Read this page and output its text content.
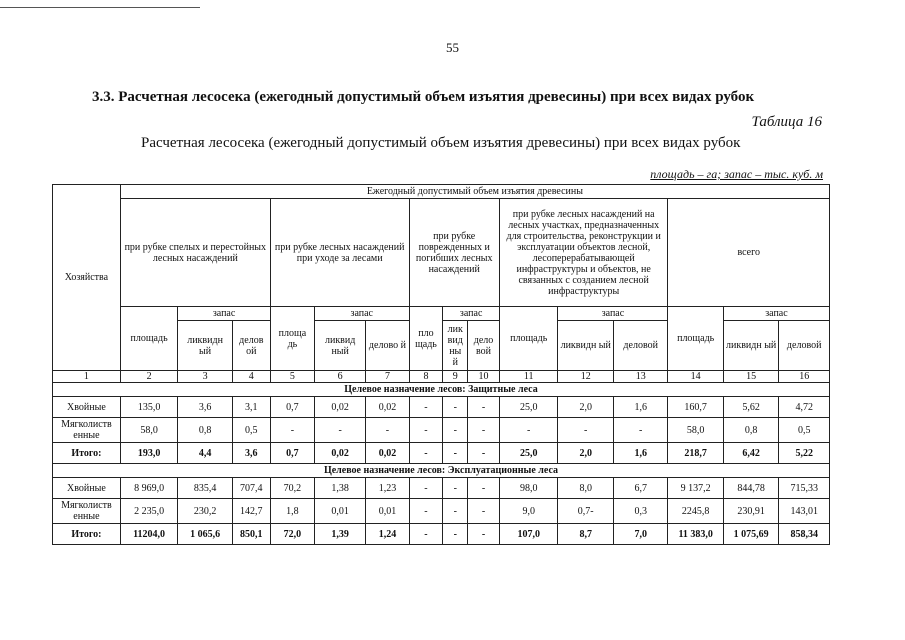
55
3.3. Расчетная лесосека (ежегодный допустимый объем изъятия древесины) при всех видах рубок
Таблица 16
Расчетная лесосека (ежегодный допустимый объем изъятия древесины) при всех видах рубок
площадь – га; запас – тыс. куб. м
Хозяйства	Ежегодный допустимый объем изъятия древесины														
	при рубке спелых и перестойных лесных насаждений			при рубке лесных насаждений при уходе за лесами			при рубке поврежденных и погибших лесных насаждений			при рубке лесных насаждений на лесных участках, предназначенных для строительства, реконструкции и эксплуатации объектов лесной, лесоперерабатывающей инфраструктуры и объектов, не связанных с созданием лесной инфраструктуры			всего		
	площадь	запас		площа дь	запас		пло щадь	запас		площадь	запас		площадь	запас	
		ликвидн ый	делов ой		ликвид ный	делово й		лик вид ны й	дело вой		ликвидн ый	деловой		ликвидн ый	деловой
1	2	3	4	5	6	7	8	9	10	11	12	13	14	15	16
Целевое назначение лесов: Защитные леса															
Хвойные	135,0	3,6	3,1	0,7	0,02	0,02	-	-	-	25,0	2,0	1,6	160,7	5,62	4,72
Мягколиств енные	58,0	0,8	0,5	-	-	-	-	-	-	-	-	-	58,0	0,8	0,5
Итого:	193,0	4,4	3,6	0,7	0,02	0,02	-	-	-	25,0	2,0	1,6	218,7	6,42	5,22
Целевое назначение лесов: Эксплуатационные леса															
Хвойные	8 969,0	835,4	707,4	70,2	1,38	1,23	-	-	-	98,0	8,0	6,7	9 137,2	844,78	715,33
Мягколиств енные	2 235,0	230,2	142,7	1,8	0,01	0,01	-	-	-	9,0	0,7-	0,3	2245,8	230,91	143,01
Итого:	11204,0	1 065,6	850,1	72,0	1,39	1,24	-	-	-	107,0	8,7	7,0	11 383,0	1 075,69	858,34
